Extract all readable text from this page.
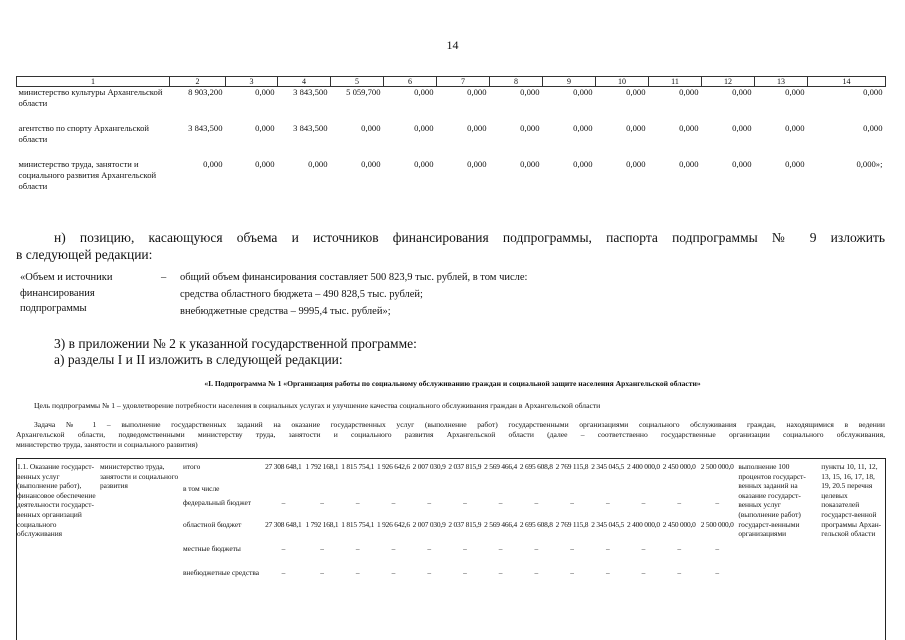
14
1	2	3	4	5	6	7	8	9	10	11	12	13	14
министерство культуры Архангельской области	8 903,200	0,000	3 843,500	5 059,700	0,000	0,000	0,000	0,000	0,000	0,000	0,000	0,000	0,000
агентство по спорту Архангельской области	3 843,500	0,000	3 843,500	0,000	0,000	0,000	0,000	0,000	0,000	0,000	0,000	0,000	0,000
министерство труда, занятости и социального развития Архангельской области	0,000	0,000	0,000	0,000	0,000	0,000	0,000	0,000	0,000	0,000	0,000	0,000	0,000»;
н) позицию, касающуюся объема и источников финансирования подпрограммы, паспорта подпрограммы № 9 изложить
в следующей редакции:
«Объем и источники
финансирования
подпрограммы
– общий объем финансирования составляет 500 823,9 тыс. рублей, в том числе:
средства областного бюджета – 490 828,5 тыс. рублей;
внебюджетные средства – 9995,4 тыс. рублей»;
3) в приложении № 2 к указанной государственной программе:
а) разделы I и II изложить в следующей редакции:
«I. Подпрограмма № 1 «Организация работы по социальному обслуживанию граждан и социальной защите населения Архангельской области»
Цель подпрограммы № 1 – удовлетворение потребности населения в социальных услугах и улучшение качества социального обслуживания граждан в Архангельской области
Задача № 1 – выполнение государственных заданий на оказание государственных услуг (выполнение работ) государственными организациями социального обслуживания граждан, находящимися в ведении
Архангельской области, подведомственными министерству труда, занятости и социального развития Архангельской области (далее – соответственно государственные организации социального обслуживания,
министерство труда, занятости и социального развития)
1.1. Оказание государст-венных услуг (выполнение работ), финансовое обеспечение деятельности государст-венных организаций социального обслуживания	министерство труда, занятости и социального развития	итого	27 308 648,1	1 792 168,1	1 815 754,1	1 926 642,6	2 007 030,9	2 037 815,9	2 569 466,4	2 695 608,8	2 769 115,8	2 345 045,5	2 400 000,0	2 450 000,0	2 500 000,0	выполнение 100 процентов государст-венных заданий на оказание государст-венных услуг (выполнение работ) государст-венными организациями	пункты 10, 11, 12, 13, 15, 16, 17, 18, 19, 20.5 перечня целевых показателей государст-венной программы Архан-гельской области
		в том числе															
		федеральный бюджет	–	–	–	–	–	–	–	–	–	–	–	–	–		
		областной бюджет	27 308 648,1	1 792 168,1	1 815 754,1	1 926 642,6	2 007 030,9	2 037 815,9	2 569 466,4	2 695 608,8	2 769 115,8	2 345 045,5	2 400 000,0	2 450 000,0	2 500 000,0		
		местные бюджеты	–	–	–	–	–	–	–	–	–	–	–	–	–		
		внебюджетные средства	–	–	–	–	–	–	–	–	–	–	–	–	–		
